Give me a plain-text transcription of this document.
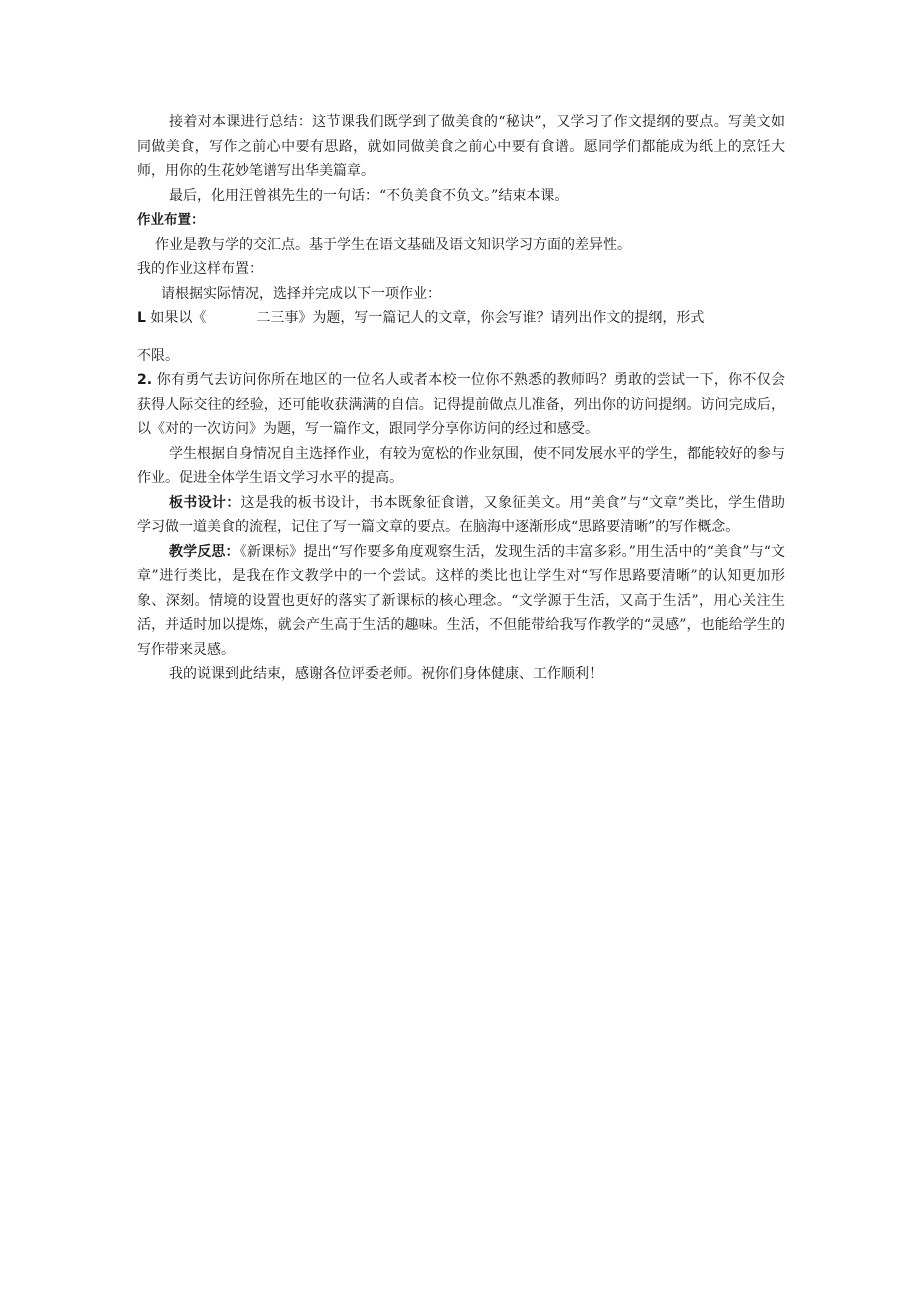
接着对本课进行总结：这节课我们既学到了做美食的“秘诀”，又学习了作文提纲的要点。写美文如同做美食，写作之前心中要有思路，就如同做美食之前心中要有食谱。愿同学们都能成为纸上的烹饪大师，用你的生花妙笔谱写出华美篇章。

最后，化用汪曾祺先生的一句话：“不负美食不负文。”结束本课。

作业布置：

作业是教与学的交汇点。基于学生在语文基础及语文知识学习方面的差异性。

我的作业这样布置：

请根据实际情况，选择并完成以下一项作业：

L 如果以《	二三事》为题，写一篇记人的文章，你会写谁？请列出作文的提纲，形式

不限。

2. 你有勇气去访问你所在地区的一位名人或者本校一位你不熟悉的教师吗？勇敢的尝试一下，你不仅会获得人际交往的经验，还可能收获满满的自信。记得提前做点儿准备，列出你的访问提纲。访问完成后，以《对的一次访问》为题，写一篇作文，跟同学分享你访问的经过和感受。

学生根据自身情况自主选择作业，有较为宽松的作业氛围，使不同发展水平的学生，都能较好的参与作业。促进全体学生语文学习水平的提高。

板书设计：这是我的板书设计，书本既象征食谱，又象征美文。用“美食”与“文章”类比，学生借助学习做一道美食的流程，记住了写一篇文章的要点。在脑海中逐渐形成“思路要清晰”的写作概念。

教学反思：《新课标》提出“写作要多角度观察生活，发现生活的丰富多彩。”用生活中的“美食”与“文章”进行类比，是我在作文教学中的一个尝试。这样的类比也让学生对“写作思路要清晰”的认知更加形象、深刻。情境的设置也更好的落实了新课标的核心理念。“文学源于生活，又高于生活”，用心关注生活，并适时加以提炼，就会产生高于生活的趣味。生活，不但能带给我写作教学的“灵感”，也能给学生的写作带来灵感。

我的说课到此结束，感谢各位评委老师。祝你们身体健康、工作顺利！
